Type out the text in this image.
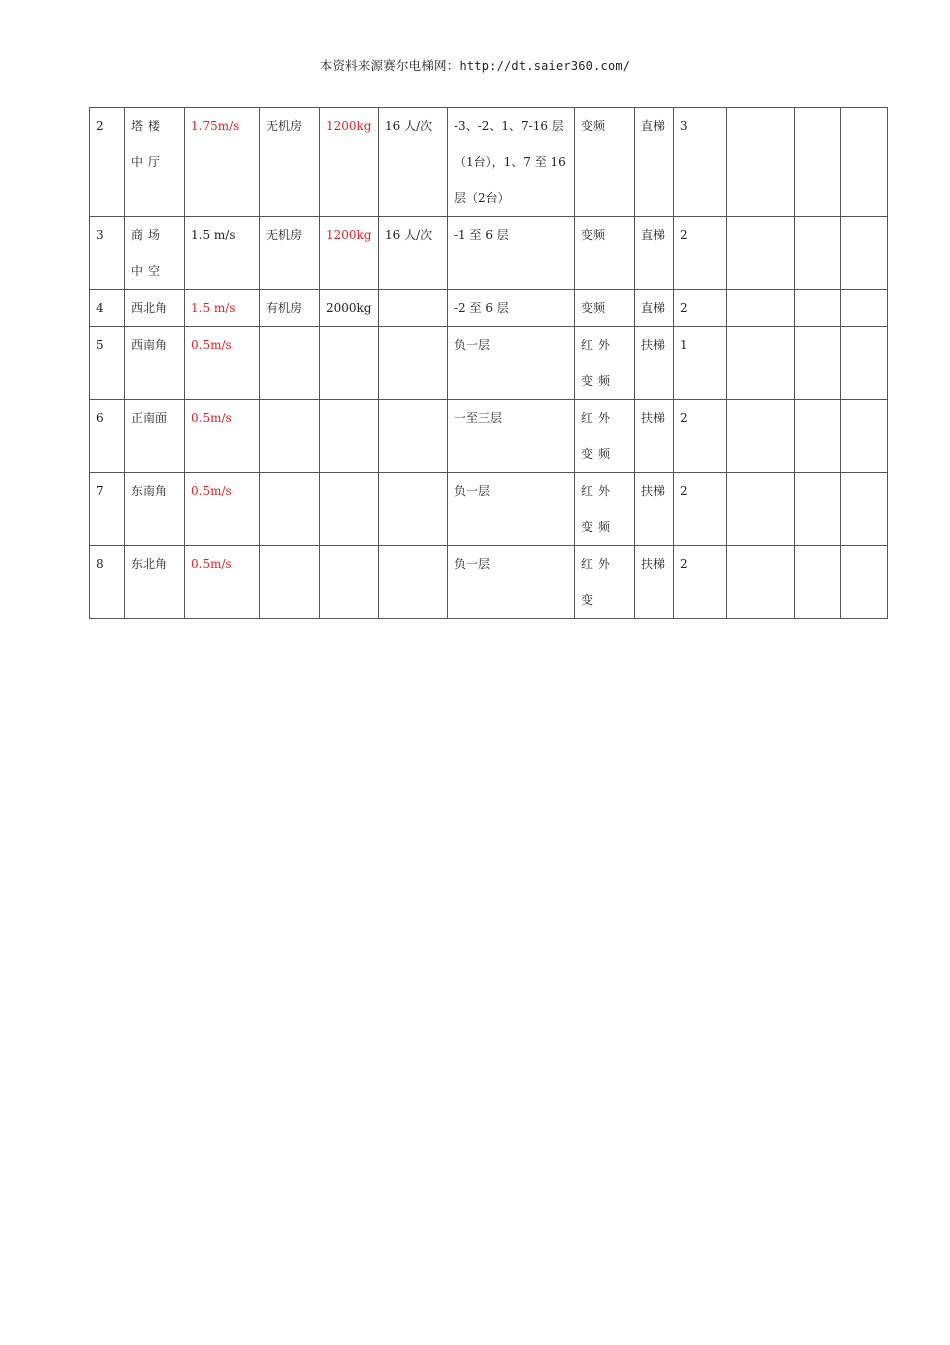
本资料来源赛尔电梯网：http://dt.saier360.com/
2	塔楼中厅	1.75m/s	无机房	1200kg	16 人/次	-3、-2、1、7-16 层（1台），1、7 至 16 层（2台）	变频	直梯	3			

3	商场中空	1.5 m/s	无机房	1200kg	16 人/次	-1 至 6 层	变频	直梯	2			

4	西北角	1.5 m/s	有机房	2000kg		-2 至 6 层	变频	直梯	2			

5	西南角	0.5m/s				负一层	红外变频	扶梯	1			

6	正南面	0.5m/s				一至三层	红外变频	扶梯	2			

7	东南角	0.5m/s				负一层	红外变频	扶梯	2			

8	东北角	0.5m/s				负一层	红外变	扶梯	2			
